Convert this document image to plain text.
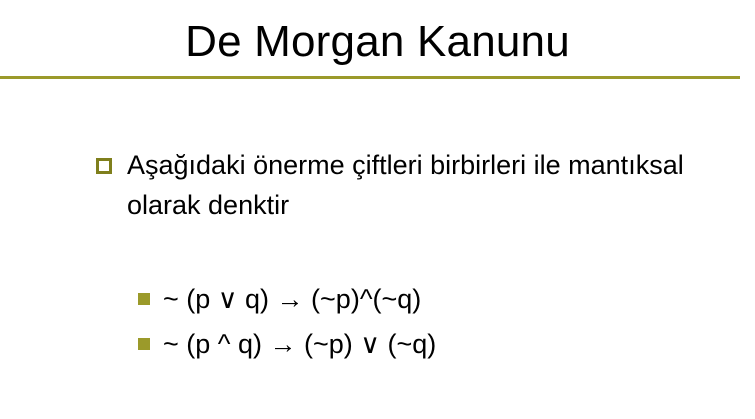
De Morgan Kanunu
Aşağıdaki önerme çiftleri birbirleri ile mantıksal olarak denktir
~ (p ∨ q) → (~p)^(~q)
~ (p ^ q) → (~p) ∨ (~q)
